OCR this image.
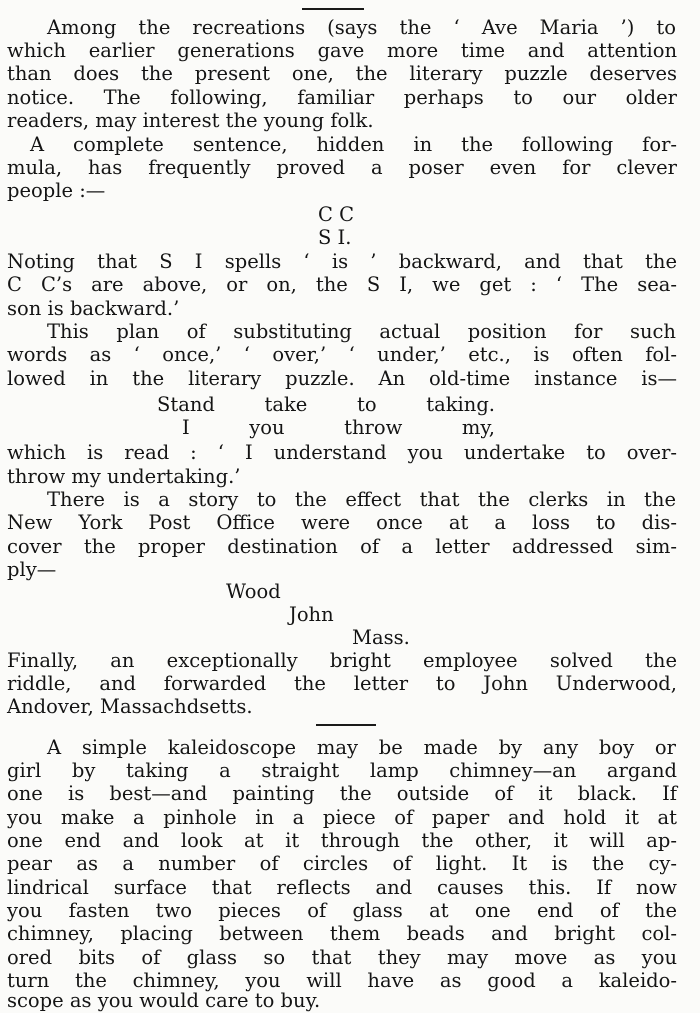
Among the recreations (says the ‘ Ave Maria ’) to
which earlier generations gave more time and attention
than does the present one, the literary puzzle deserves
notice. The following, familiar perhaps to our older
readers, may interest the young folk.
A complete sentence, hidden in the following for-
mula, has frequently proved a poser even for clever
people :—
C C
S I.
Noting that S I spells ‘ is ’ backward, and that the
C C’s are above, or on, the S I, we get : ‘ The sea-
son is backward.’
This plan of substituting actual position for such
words as ‘ once,’ ‘ over,’ ‘ under,’ etc., is often fol-
lowed in the literary puzzle. An old-time instance is—
Stand take to taking.
I you throw my,
which is read : ‘ I understand you undertake to over-
throw my undertaking.’
There is a story to the effect that the clerks in the
New York Post Office were once at a loss to dis-
cover the proper destination of a letter addressed sim-
ply—
Wood
John
Mass.
Finally, an exceptionally bright employee solved the
riddle, and forwarded the letter to John Underwood,
Andover, Massachdsetts.
A simple kaleidoscope may be made by any boy or
girl by taking a straight lamp chimney—an argand
one is best—and painting the outside of it black. If
you make a pinhole in a piece of paper and hold it at
one end and look at it through the other, it will ap-
pear as a number of circles of light. It is the cy-
lindrical surface that reflects and causes this. If now
you fasten two pieces of glass at one end of the
chimney, placing between them beads and bright col-
ored bits of glass so that they may move as you
turn the chimney, you will have as good a kaleido-
scope as you would care to buy.
